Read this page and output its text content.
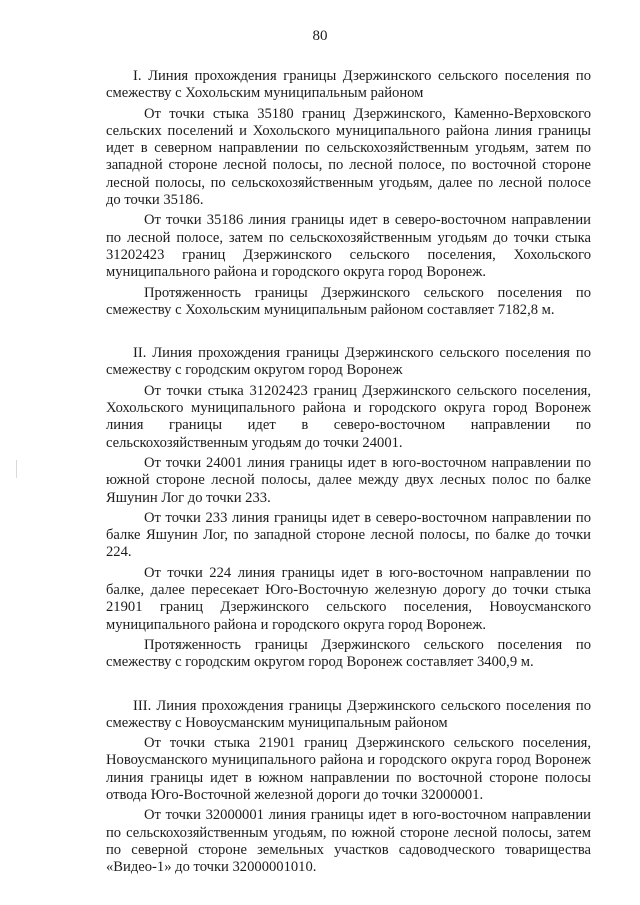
80

I. Линия прохождения границы Дзержинского сельского поселения по смежеству с Хохольским муниципальным районом

От точки стыка 35180 границ Дзержинского, Каменно-Верховского сельских поселений и Хохольского муниципального района линия границы идет в северном направлении по сельскохозяйственным угодьям, затем по западной стороне лесной полосы, по лесной полосе, по восточной стороне лесной полосы, по сельскохозяйственным угодьям, далее по лесной полосе до точки 35186.

От точки 35186 линия границы идет в северо-восточном направлении по лесной полосе, затем по сельскохозяйственным угодьям до точки стыка 31202423 границ Дзержинского сельского поселения, Хохольского муниципального района и городского округа город Воронеж.

Протяженность границы Дзержинского сельского поселения по смежеству с Хохольским муниципальным районом составляет 7182,8 м.

II. Линия прохождения границы Дзержинского сельского поселения по смежеству с городским округом город Воронеж

От точки стыка 31202423 границ Дзержинского сельского поселения, Хохольского муниципального района и городского округа город Воронеж линия границы идет в северо-восточном направлении по сельскохозяйственным угодьям до точки 24001.

От точки 24001 линия границы идет в юго-восточном направлении по южной стороне лесной полосы, далее между двух лесных полос по балке Яшунин Лог до точки 233.

От точки 233 линия границы идет в северо-восточном направлении по балке Яшунин Лог, по западной стороне лесной полосы, по балке до точки 224.

От точки 224 линия границы идет в юго-восточном направлении по балке, далее пересекает Юго-Восточную железную дорогу до точки стыка 21901 границ Дзержинского сельского поселения, Новоусманского муниципального района и городского округа город Воронеж.

Протяженность границы Дзержинского сельского поселения по смежеству с городским округом город Воронеж составляет 3400,9 м.

III. Линия прохождения границы Дзержинского сельского поселения по смежеству с Новоусманским муниципальным районом

От точки стыка 21901 границ Дзержинского сельского поселения, Новоусманского муниципального района и городского округа город Воронеж линия границы идет в южном направлении по восточной стороне полосы отвода Юго-Восточной железной дороги до точки 32000001.

От точки 32000001 линия границы идет в юго-восточном направлении по сельскохозяйственным угодьям, по южной стороне лесной полосы, затем по северной стороне земельных участков садоводческого товарищества «Видео-1» до точки 32000001010.
